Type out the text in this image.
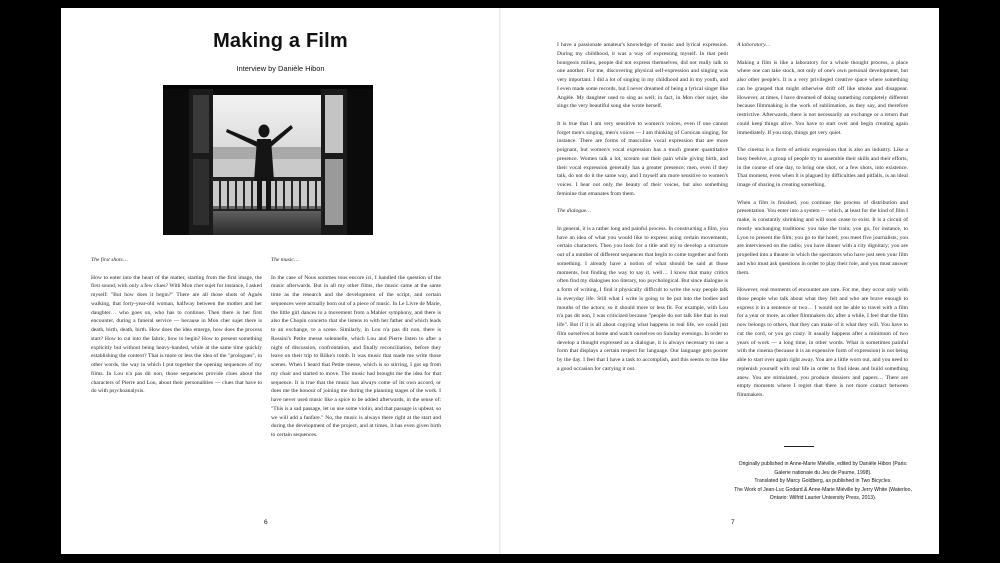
Making a Film
Interview by Danièle Hibon

The first shots…

How to enter into the heart of the matter, starting from the first image, the first sound, with only a few clues? With Mon cher sujet for instance, I asked myself: "But how does it begin?" There are all those shots of Agnès walking, that forty-year-old woman, halfway between the mother and her daughter… who goes on, who has to continue. Then there is her first encounter, during a funeral service — because in Mon cher sujet there is death, birth, death, birth. How does the idea emerge, how does the process start? How to cut into the fabric, how to begin? How to present something explicitly but without being heavy-handed, while at the same time quickly establishing the context? That is more or less the idea of the "prologues", in other words, the way in which I put together the opening sequences of my films. In Lou n'a pas dit non, those sequences provide clues about the characters of Pierre and Lou, about their personalities — clues that have to do with psychoanalysis.

The music…

In the case of Nous sommes tous encore ici, I handled the question of the music afterwards. But in all my other films, the music came at the same time as the research and the development of the script, and certain sequences were actually born out of a piece of music. In Le Livre de Marie, the little girl dances to a movement from a Mahler symphony, and there is also the Chopin concerto that she listens to with her father and which leads to an exchange, to a scene. Similarly, in Lou n'a pas dit non, there is Rossini's Petite messe solennelle, which Lou and Pierre listen to after a night of discussion, confrontation, and finally reconciliation, before they leave on their trip to Rilke's tomb. It was music that made me write those scenes. When I heard that Petite messe, which is so stirring, I got up from my chair and started to move. The music had brought me the idea for that sequence. It is true that the music has always come of its own accord, or does me the honour of joining me during the planning stages of the work. I have never used music like a spice to be added afterwards, in the sense of: "This is a sad passage, let us use some violin, and that passage is upbeat, so we will add a fanfare." No, the music is always there right at the start and during the development of the project, and at times, it has even given birth to certain sequences.

6

I have a passionate amateur's knowledge of music and lyrical expression. During my childhood, it was a way of expressing myself. In that petit bourgeois milieu, people did not express themselves, did not really talk to one another. For me, discovering physical self-expression and singing was very important. I did a lot of singing in my childhood and in my youth, and I even made some records, but I never dreamed of being a lyrical singer like Angèle. My daughter used to sing as well; in fact, in Mon cher sujet, she sings the very beautiful song she wrote herself.

It is true that I am very sensitive to women's voices, even if one cannot forget men's singing, men's voices — I am thinking of Corsican singing, for instance. There are forms of masculine vocal expression that are more poignant, but women's vocal expression has a much greater quantitative presence. Women talk a lot, scream out their pain while giving birth, and their vocal expression generally has a greater presence; men, even if they talk, do not do it the same way, and I myself am more sensitive to women's voices. I hear not only the beauty of their voices, but also something feminine that emanates from them.

The dialogue…

In general, it is a rather long and painful process. In constructing a film, you have an idea of what you would like to express using certain movements, certain characters. Then you look for a title and try to develop a structure out of a number of different sequences that begin to come together and form something. I already have a notion of what should be said at those moments, but finding the way to say it, well… I know that many critics often find my dialogues too literary, too psychological. But since dialogue is a form of writing, I find it physically difficult to write the way people talk in everyday life. Still what I write is going to be put into the bodies and mouths of the actors; so it should more or less fit. For example, with Lou n'a pas dit non, I was criticized because "people do not talk like that in real life". But if it is all about copying what happens in real life, we could just film ourselves at home and watch ourselves on Sunday evenings. In order to develop a thought expressed as a dialogue, it is always necessary to use a form that displays a certain respect for language. Our language gets poorer by the day. I feel that I have a task to accomplish, and this seems to me like a good occasion for carrying it out.

A laboratory…

Making a film is like a laboratory for a whole thought process, a place where one can take stock, not only of one's own personal development, but also other people's. It is a very privileged creative space where something can be grasped that might otherwise drift off like smoke and disappear. However, at times, I have dreamed of doing something completely different because filmmaking is the work of sublimation, as they say, and therefore restrictive. Afterwards, there is not necessarily an exchange or a return that could keep things alive. You have to start over and begin creating again immediately. If you stop, things get very quiet.

The cinema is a form of artistic expression that is also an industry. Like a busy beehive, a group of people try to assemble their skills and their efforts, in the course of one day, to bring one shot, or a few shots, into existence. That moment, even when it is plagued by difficulties and pitfalls, is an ideal image of sharing in creating something.

When a film is finished, you continue the process of distribution and presentation. You enter into a system — which, at least for the kind of film I make, is constantly shrinking and will soon cease to exist. It is a circuit of mostly unchanging traditions: you take the train; you go, for instance, to Lyon to present the film; you go to the hotel; you meet five journalists; you are interviewed on the radio; you have dinner with a city dignitary; you are propelled into a theatre in which the spectators who have just seen your film and who must ask questions in order to play their role, and you must answer them.

However, real moments of encounter are rare. For me, they occur only with those people who talk about what they felt and who are brave enough to express it in a sentence or two… I would not be able to travel with a film for a year or more, as other filmmakers do; after a while, I feel that the film now belongs to others, that they can make of it what they will. You have to cut the cord, or you go crazy. It usually happens after a minimum of two years of work — a long time, in other words. What is sometimes painful with the cinema (because it is an expensive form of expression) is not being able to start over again right away. You are a little worn out, and you need to replenish yourself with real life in order to find ideas and build something anew. You are stimulated, you produce dossiers and papers… There are empty moments where I regret that there is not more contact between filmmakers.

Originally published in Anne-Marie Miéville, edited by Danièle Hibon (Paris: Galerie nationale du Jeu de Paume, 1998).
Translated by Marcy Goldberg, as published in Two Bicycles.
The Work of Jean-Luc Godard & Anne-Marie Miéville by Jerry White (Waterloo, Ontario: Wilfrid Laurier University Press, 2013).
7
